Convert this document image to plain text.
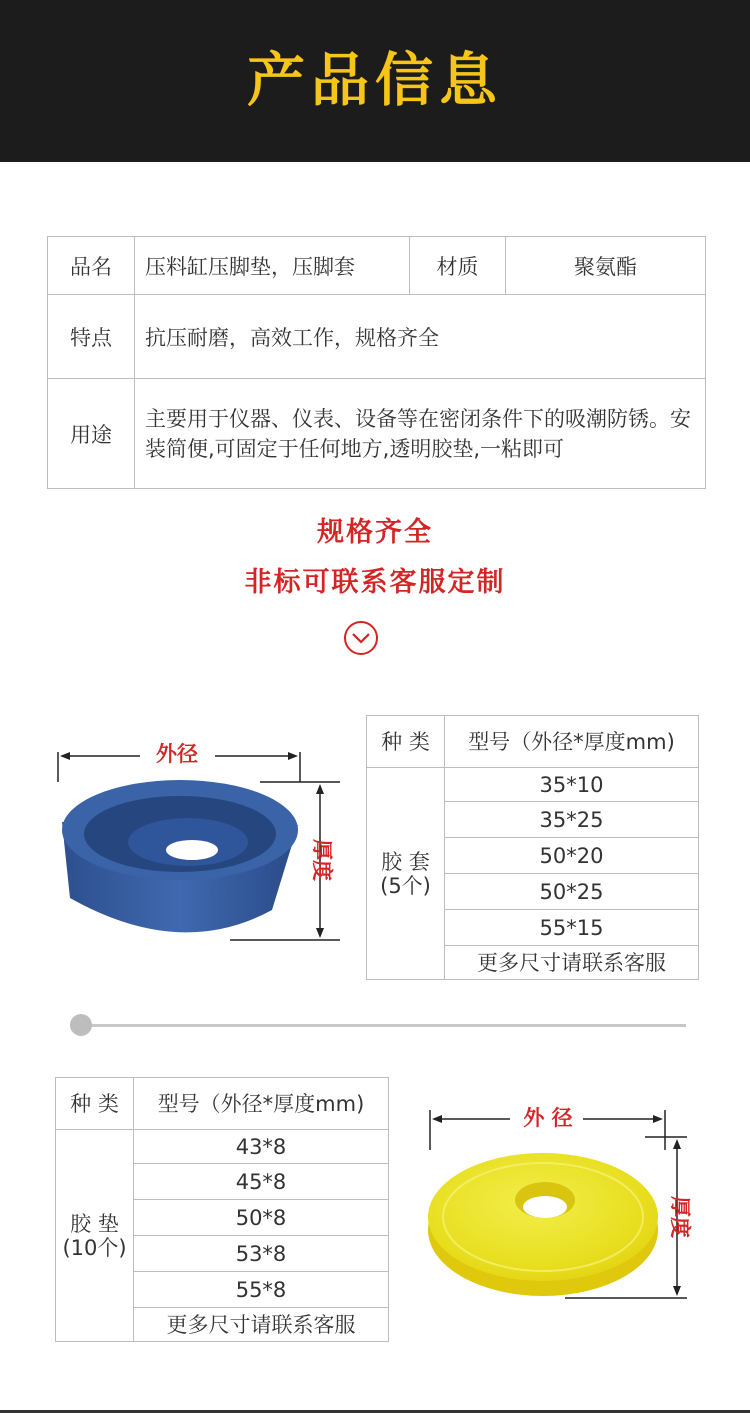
产品信息
品名	压料缸压脚垫，压脚套	材质	聚氨酯
特点	抗压耐磨，高效工作，规格齐全		
用途	主要用于仪器、仪表、设备等在密闭条件下的吸潮防锈。安装简便,可固定于任何地方,透明胶垫,一粘即可		
规格齐全
非标可联系客服定制
外径
厚度
种 类	型号（外径*厚度mm)
胶 套
(5个)	35*10
	35*25
	50*20
	50*25
	55*15
	更多尺寸请联系客服
种 类	型号（外径*厚度mm)
胶 垫
(10个)	43*8
	45*8
	50*8
	53*8
	55*8
	更多尺寸请联系客服
外 径
厚度
